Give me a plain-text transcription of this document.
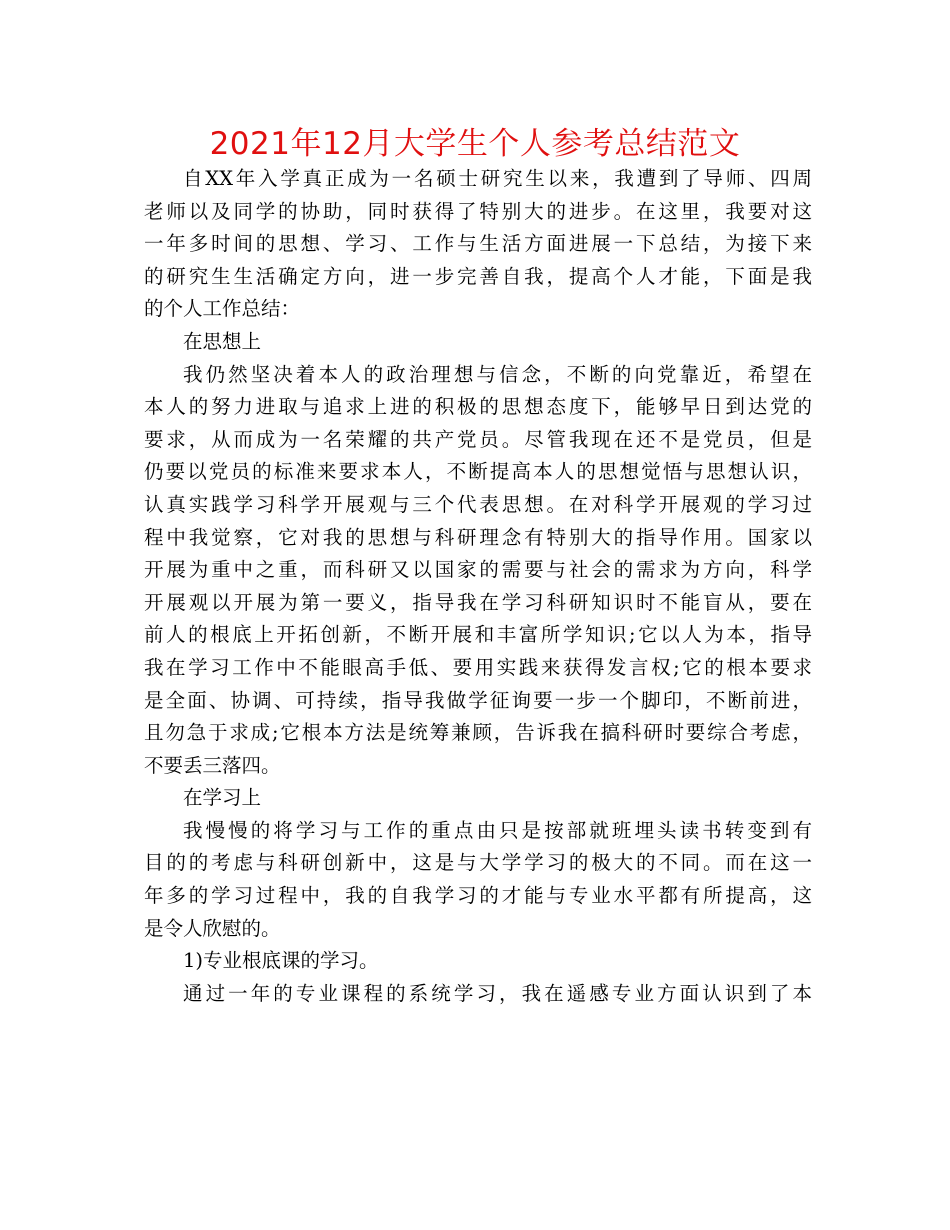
2021年12月大学生个人参考总结范文
自XX年入学真正成为一名硕士研究生以来，我遭到了导师、四周
老师以及同学的协助，同时获得了特别大的进步。在这里，我要对这
一年多时间的思想、学习、工作与生活方面进展一下总结，为接下来
的研究生生活确定方向，进一步完善自我，提高个人才能，下面是我
的个人工作总结：
在思想上
我仍然坚决着本人的政治理想与信念，不断的向党靠近，希望在
本人的努力进取与追求上进的积极的思想态度下，能够早日到达党的
要求，从而成为一名荣耀的共产党员。尽管我现在还不是党员，但是
仍要以党员的标准来要求本人，不断提高本人的思想觉悟与思想认识，
认真实践学习科学开展观与三个代表思想。在对科学开展观的学习过
程中我觉察，它对我的思想与科研理念有特别大的指导作用。国家以
开展为重中之重，而科研又以国家的需要与社会的需求为方向，科学
开展观以开展为第一要义，指导我在学习科研知识时不能盲从，要在
前人的根底上开拓创新，不断开展和丰富所学知识;它以人为本，指导
我在学习工作中不能眼高手低、要用实践来获得发言权;它的根本要求
是全面、协调、可持续，指导我做学征询要一步一个脚印，不断前进，
且勿急于求成;它根本方法是统筹兼顾，告诉我在搞科研时要综合考虑，
不要丢三落四。
在学习上
我慢慢的将学习与工作的重点由只是按部就班埋头读书转变到有
目的的考虑与科研创新中，这是与大学学习的极大的不同。而在这一
年多的学习过程中，我的自我学习的才能与专业水平都有所提高，这
是令人欣慰的。
1)专业根底课的学习。
通过一年的专业课程的系统学习，我在遥感专业方面认识到了本
